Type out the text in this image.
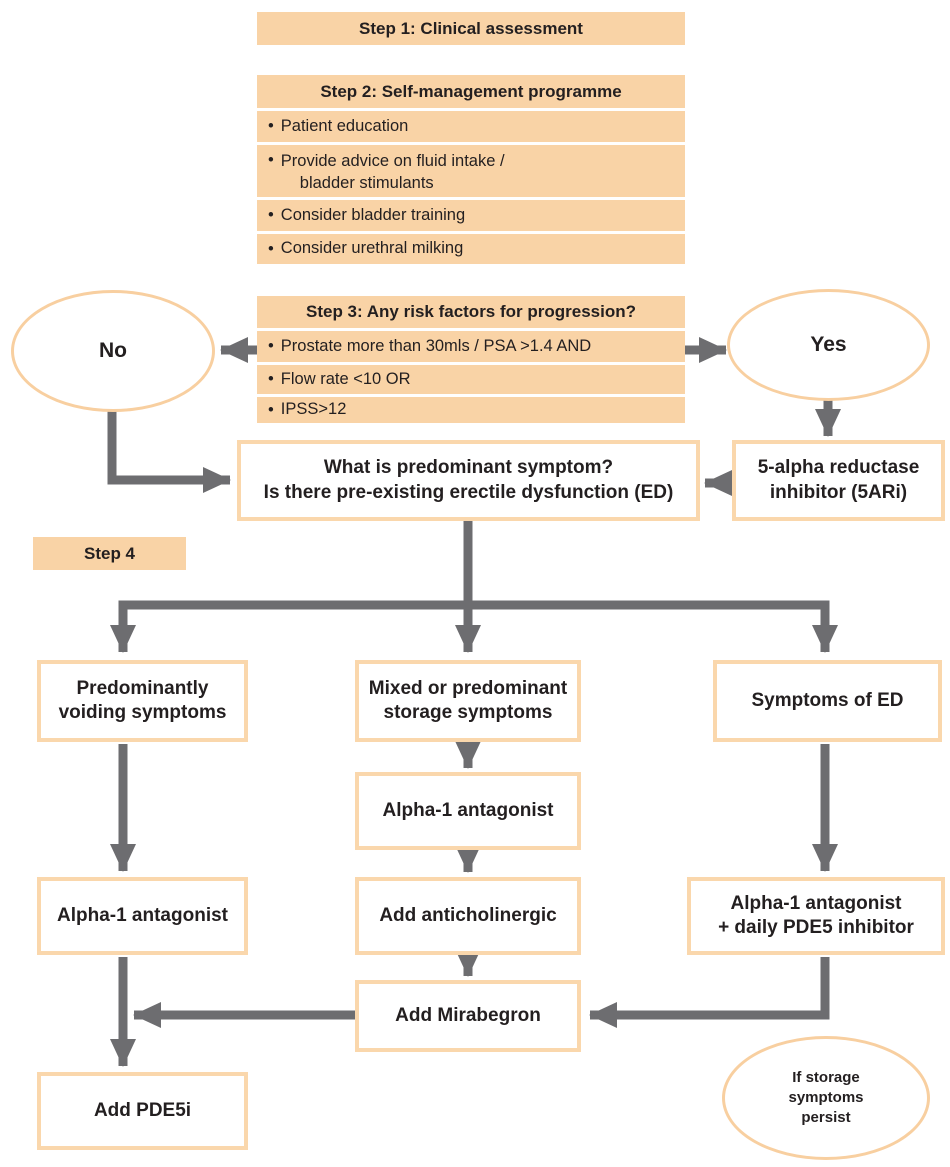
Step 1: Clinical assessment
Step 2: Self-management programme
• Patient education
• Provide advice on fluid intake /
bladder stimulants
• Consider bladder training
• Consider urethral milking
Step 3: Any risk factors for progression?
• Prostate more than 30mls / PSA >1.4 AND
• Flow rate <10 OR
• IPSS>12
No	Yes
What is predominant symptom?
Is there pre-existing erectile dysfunction (ED)
5-alpha reductase
inhibitor (5ARi)
Step 4
Predominantly
voiding symptoms
Mixed or predominant
storage symptoms
Symptoms of ED
Alpha-1 antagonist
Alpha-1 antagonist
Add anticholinergic
Alpha-1 antagonist
+ daily PDE5 inhibitor
Add Mirabegron
Add PDE5i
If storage
symptoms
persist
